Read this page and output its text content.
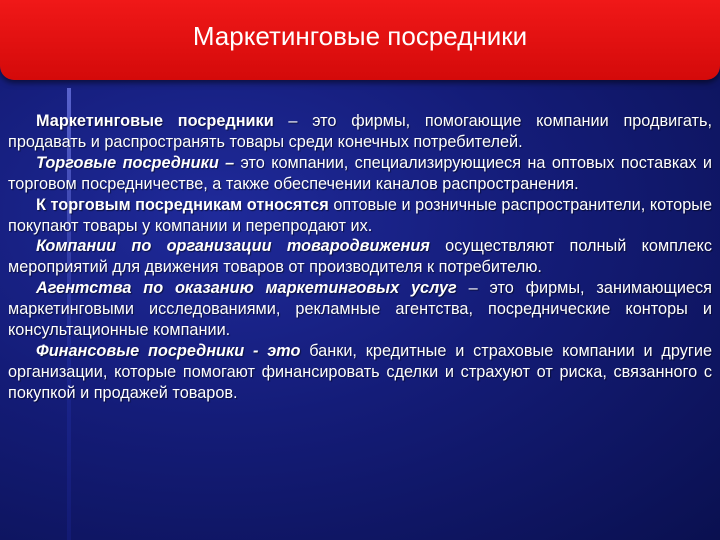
Маркетинговые посредники

Маркетинговые посредники – это фирмы, помогающие компании продвигать, продавать и распространять товары среди конечных потребителей.

Торговые посредники – это компании, специализирующиеся на оптовых поставках и торговом посредничестве, а также обеспечении каналов распространения.

К торговым посредникам относятся оптовые и розничные распространители, которые покупают товары у компании и перепродают их.

Компании по организации товародвижения осуществляют полный комплекс мероприятий для движения товаров от производителя к потребителю.

Агентства по оказанию маркетинговых услуг – это фирмы, занимающиеся маркетинговыми исследованиями, рекламные агентства, посреднические конторы и консультационные компании.

Финансовые посредники - это банки, кредитные и страховые компании и другие организации, которые помогают финансировать сделки и страхуют от риска, связанного с покупкой и продажей товаров.
